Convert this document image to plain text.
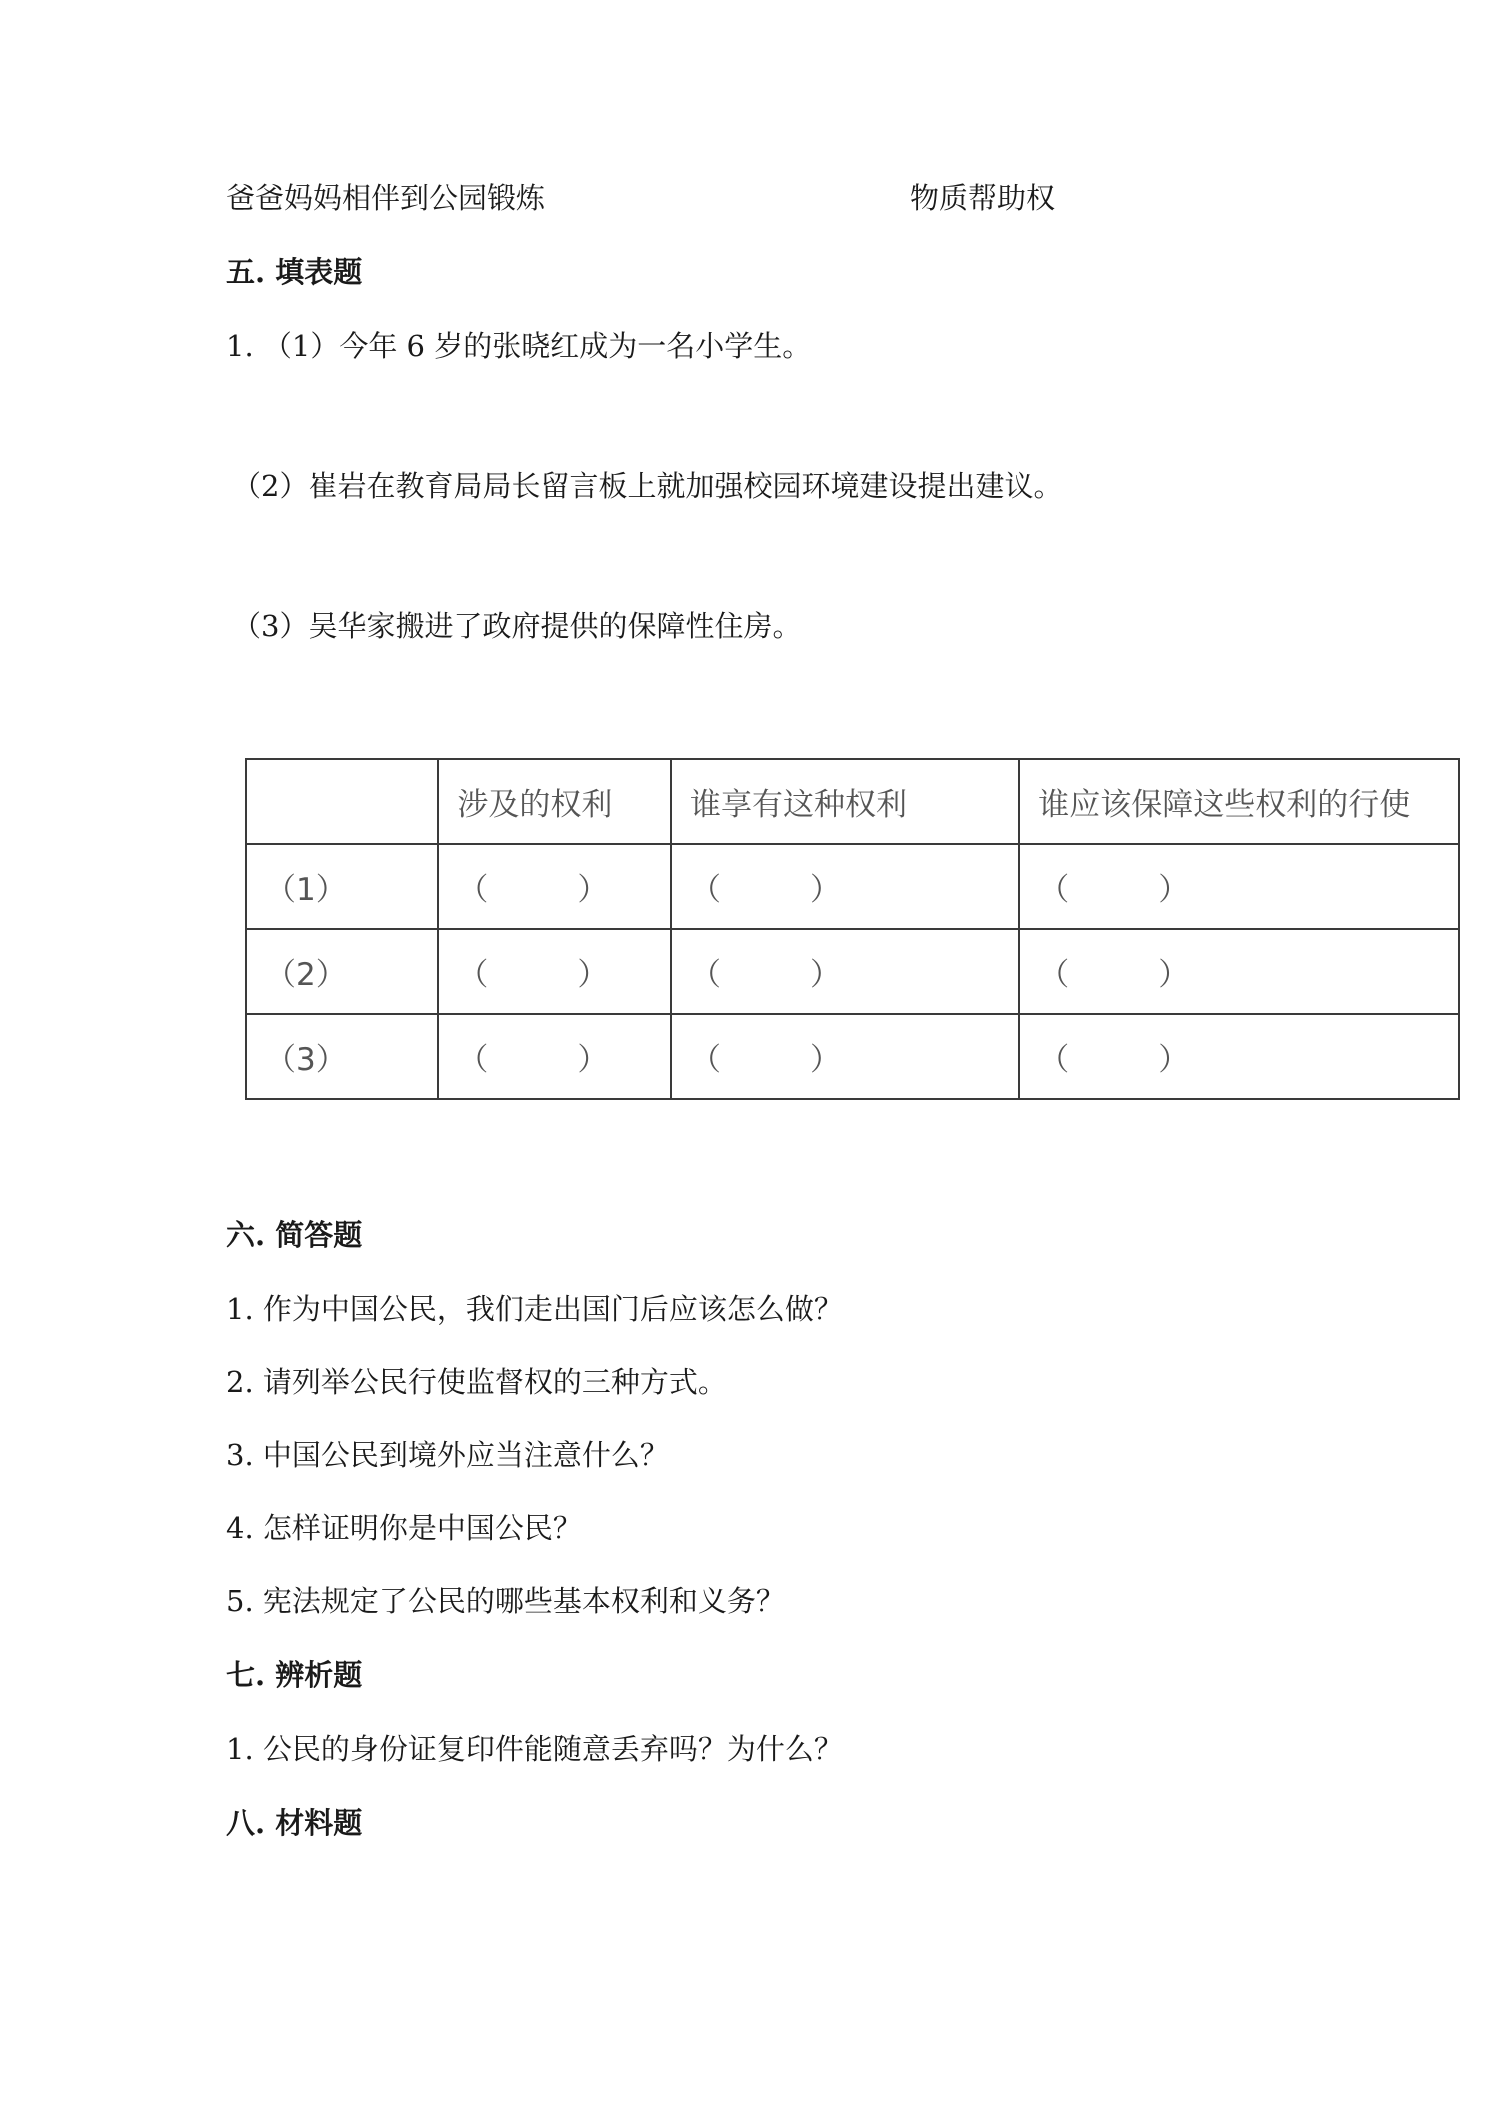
爸爸妈妈相伴到公园锻炼	物质帮助权
五. 填表题
1. （1）今年 6 岁的张晓红成为一名小学生。
（2）崔岩在教育局局长留言板上就加强校园环境建设提出建议。
（3）吴华家搬进了政府提供的保障性住房。
	涉及的权利	谁享有这种权利	谁应该保障这些权利的行使
（1）	（ ）	（ ）	（ ）
（2）	（ ）	（ ）	（ ）
（3）	（ ）	（ ）	（ ）
六. 简答题
1. 作为中国公民，我们走出国门后应该怎么做？
2. 请列举公民行使监督权的三种方式。
3. 中国公民到境外应当注意什么？
4. 怎样证明你是中国公民？
5. 宪法规定了公民的哪些基本权利和义务？
七. 辨析题
1. 公民的身份证复印件能随意丢弃吗？为什么？
八. 材料题
